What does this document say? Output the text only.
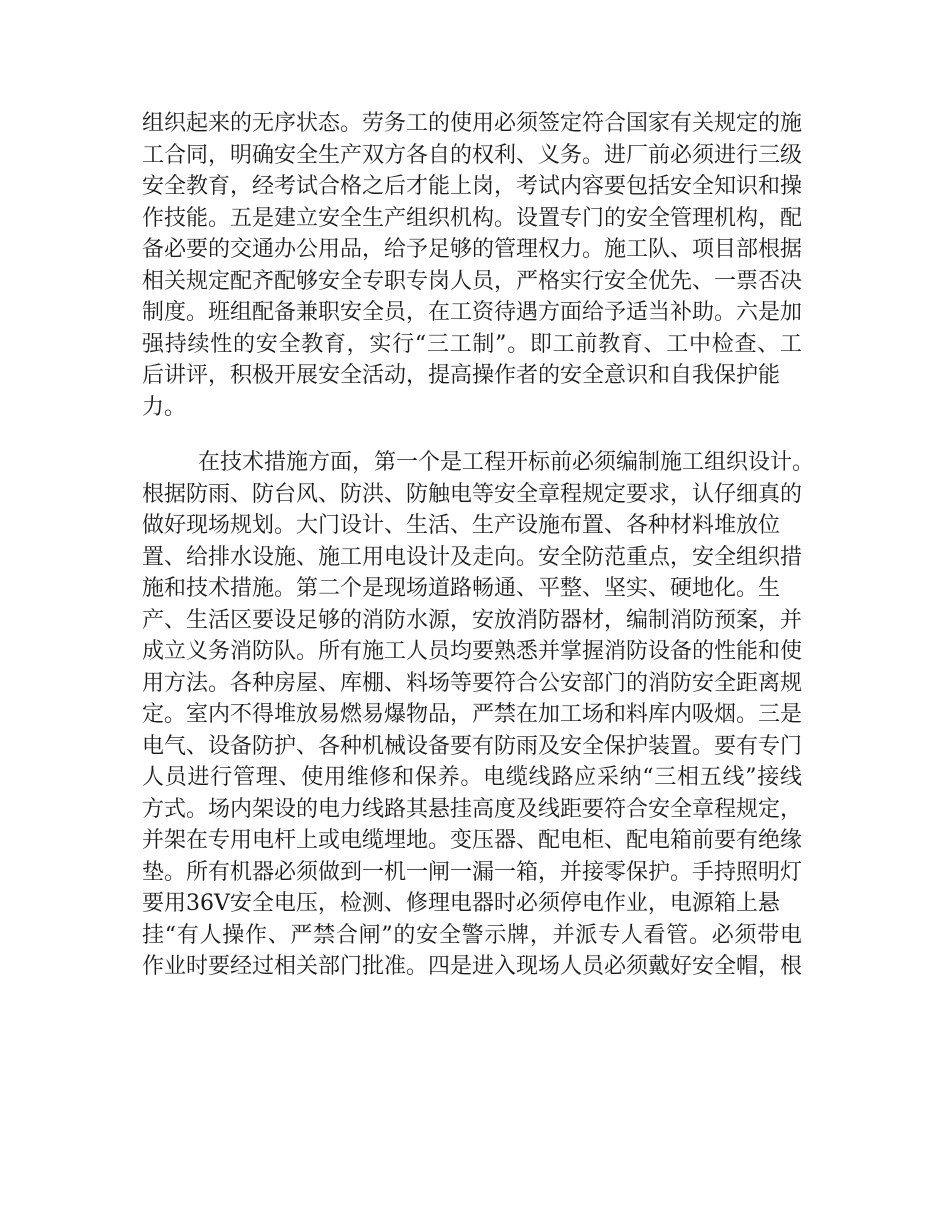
组织起来的无序状态。劳务工的使用必须签定符合国家有关规定的施
工合同，明确安全生产双方各自的权利、义务。进厂前必须进行三级
安全教育，经考试合格之后才能上岗，考试内容要包括安全知识和操
作技能。五是建立安全生产组织机构。设置专门的安全管理机构，配
备必要的交通办公用品，给予足够的管理权力。施工队、项目部根据
相关规定配齐配够安全专职专岗人员，严格实行安全优先、一票否决
制度。班组配备兼职安全员，在工资待遇方面给予适当补助。六是加
强持续性的安全教育，实行“三工制”。即工前教育、工中检查、工
后讲评，积极开展安全活动，提高操作者的安全意识和自我保护能
力。
在技术措施方面，第一个是工程开标前必须编制施工组织设计。
根据防雨、防台风、防洪、防触电等安全章程规定要求，认仔细真的
做好现场规划。大门设计、生活、生产设施布置、各种材料堆放位
置、给排水设施、施工用电设计及走向。安全防范重点，安全组织措
施和技术措施。第二个是现场道路畅通、平整、坚实、硬地化。生
产、生活区要设足够的消防水源，安放消防器材，编制消防预案，并
成立义务消防队。所有施工人员均要熟悉并掌握消防设备的性能和使
用方法。各种房屋、库棚、料场等要符合公安部门的消防安全距离规
定。室内不得堆放易燃易爆物品，严禁在加工场和料库内吸烟。三是
电气、设备防护、各种机械设备要有防雨及安全保护装置。要有专门
人员进行管理、使用维修和保养。电缆线路应采纳“三相五线”接线
方式。场内架设的电力线路其悬挂高度及线距要符合安全章程规定，
并架在专用电杆上或电缆埋地。变压器、配电柜、配电箱前要有绝缘
垫。所有机器必须做到一机一闸一漏一箱，并接零保护。手持照明灯
要用36V安全电压，检测、修理电器时必须停电作业，电源箱上悬
挂“有人操作、严禁合闸”的安全警示牌，并派专人看管。必须带电
作业时要经过相关部门批准。四是进入现场人员必须戴好安全帽，根
